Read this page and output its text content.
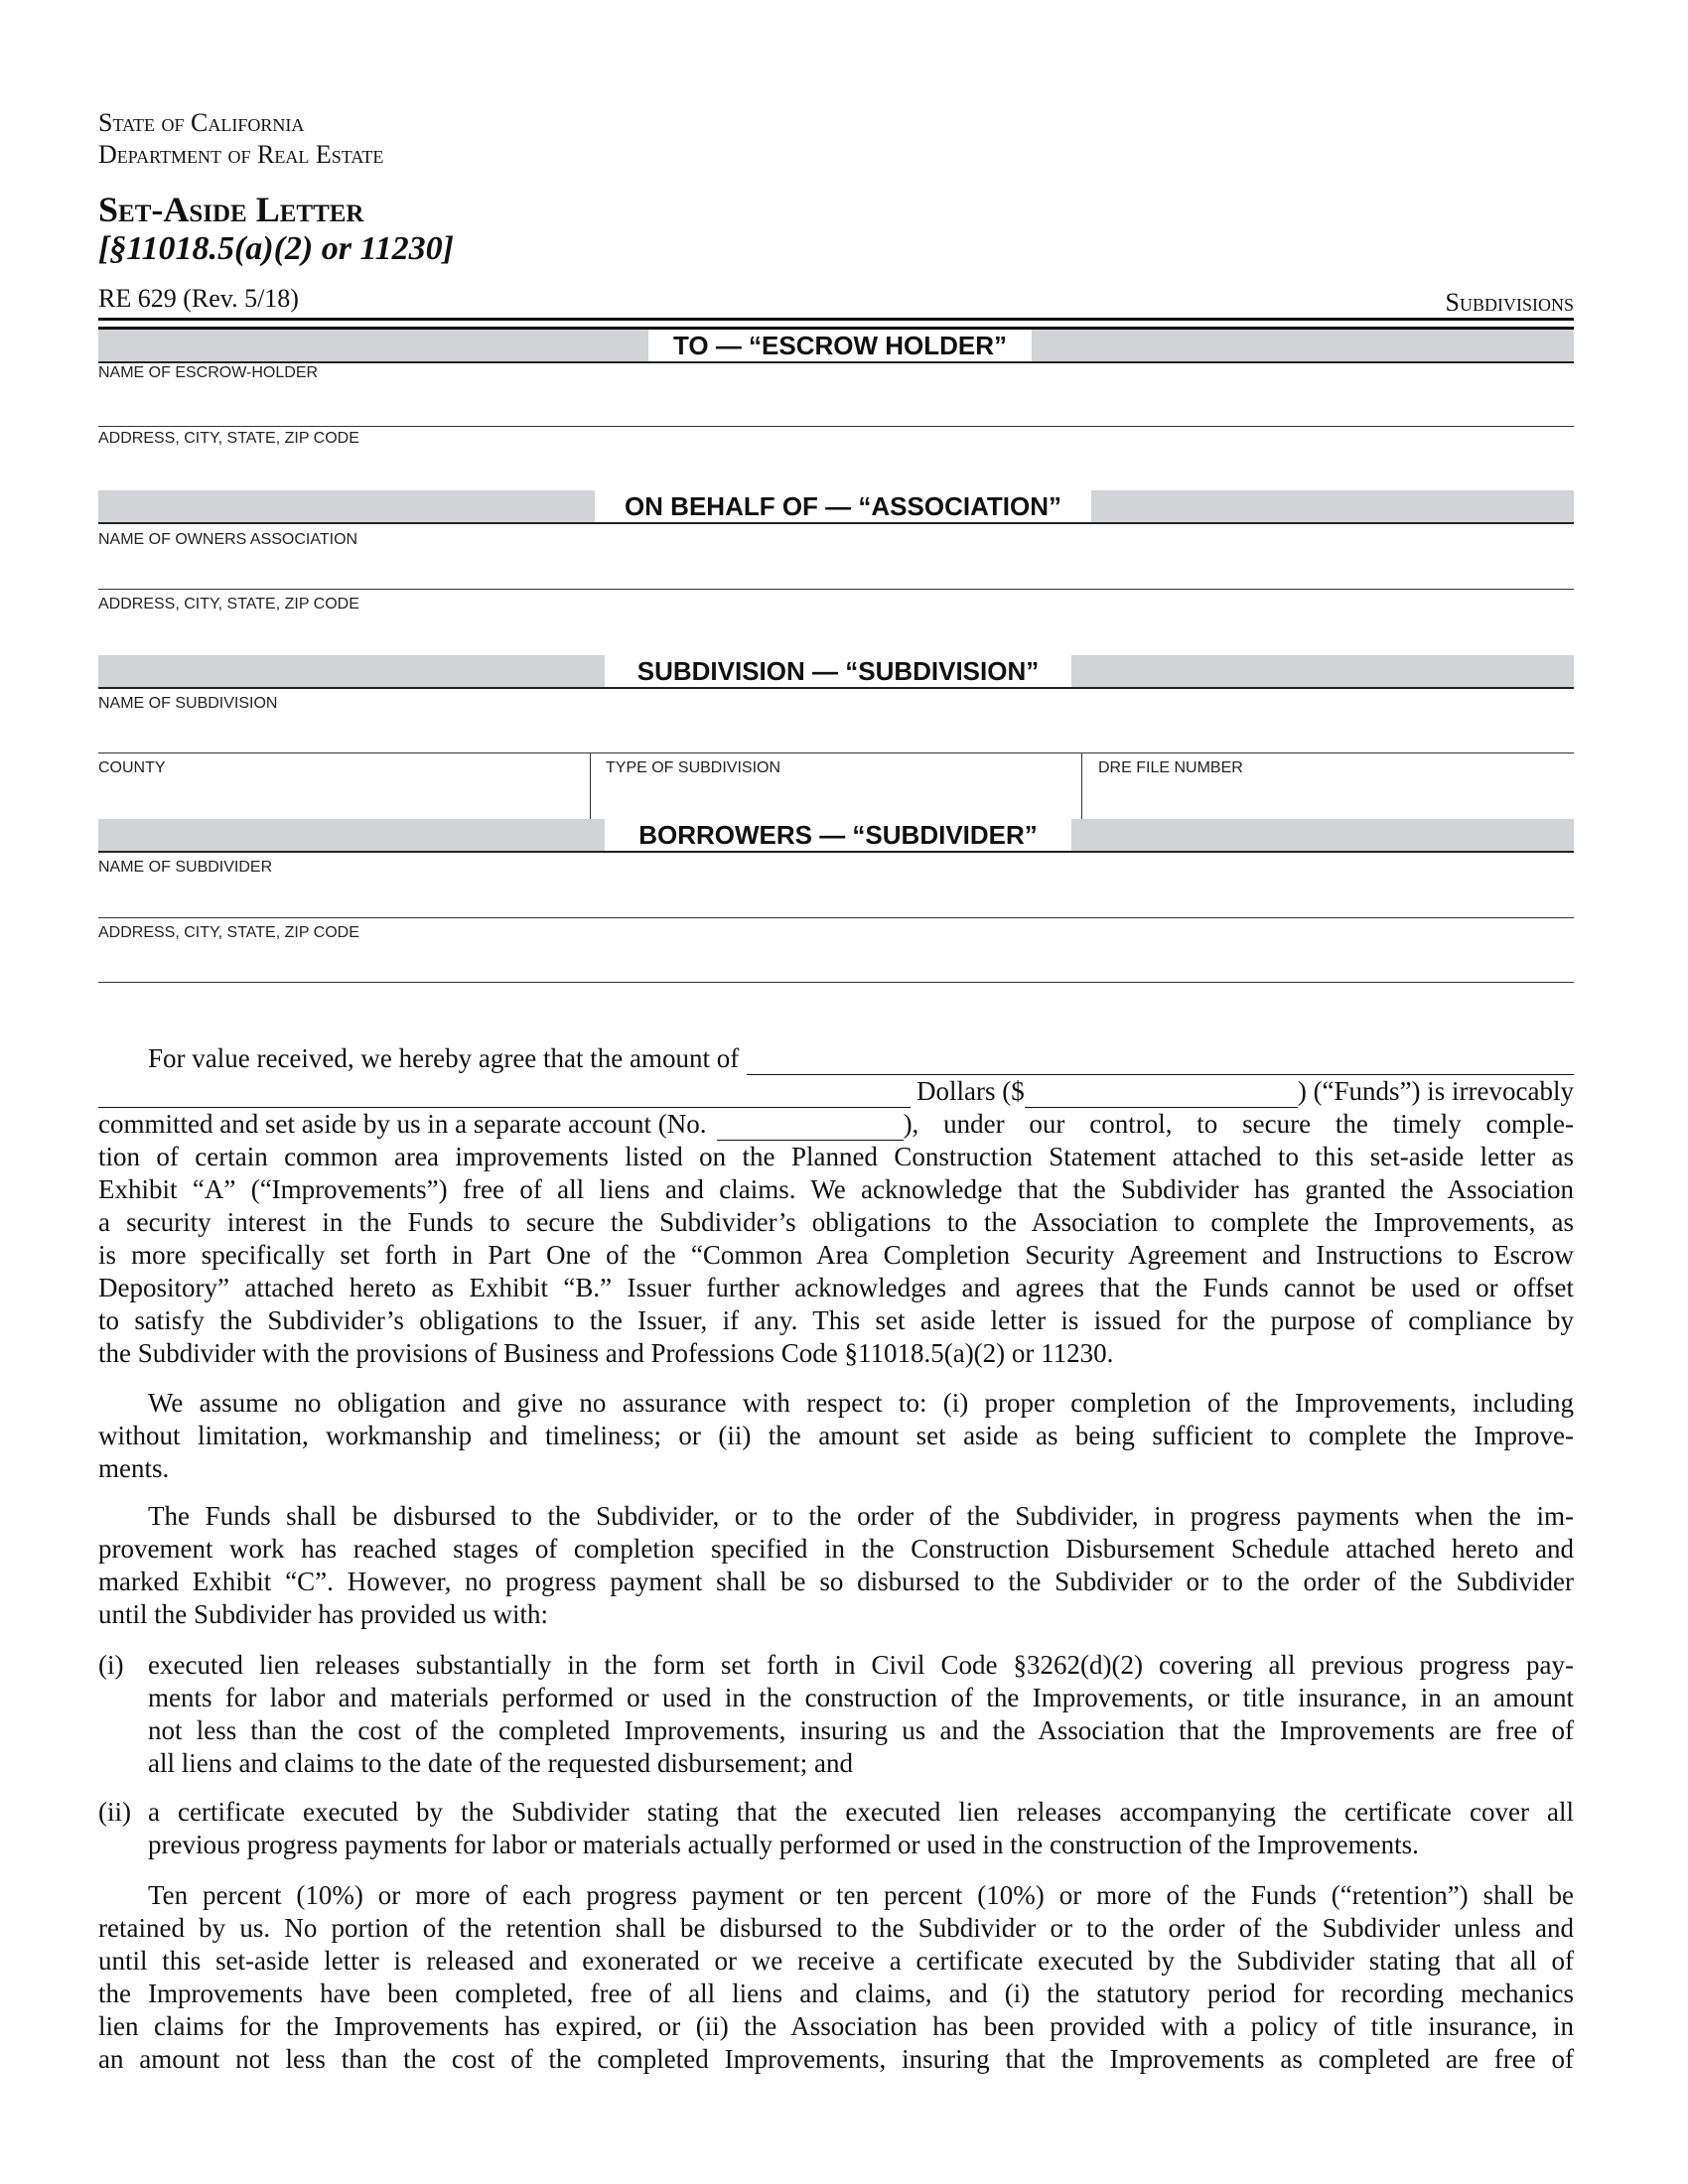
State of California
Department of Real Estate
Set-Aside Letter
[§11018.5(a)(2) or 11230]
RE 629 (Rev. 5/18)	Subdivisions
TO — “ESCROW HOLDER”
NAME OF ESCROW-HOLDER
ADDRESS, CITY, STATE, ZIP CODE
ON BEHALF OF — “ASSOCIATION”
NAME OF OWNERS ASSOCIATION
ADDRESS, CITY, STATE, ZIP CODE
SUBDIVISION — “SUBDIVISION”
NAME OF SUBDIVISION
COUNTY	TYPE OF SUBDIVISION	DRE FILE NUMBER
BORROWERS — “SUBDIVIDER”
NAME OF SUBDIVIDER
ADDRESS, CITY, STATE, ZIP CODE
For value received, we hereby agree that the amount of
Dollars ($	) (“Funds”) is irrevocably
committed and set aside by us in a separate account (No.	), under our control, to secure the timely comple-
tion of certain common area improvements listed on the Planned Construction Statement attached to this set-aside letter as
Exhibit “A” (“Improvements”) free of all liens and claims. We acknowledge that the Subdivider has granted the Association
a security interest in the Funds to secure the Subdivider’s obligations to the Association to complete the Improvements, as
is more specifically set forth in Part One of the “Common Area Completion Security Agreement and Instructions to Escrow
Depository” attached hereto as Exhibit “B.” Issuer further acknowledges and agrees that the Funds cannot be used or offset
to satisfy the Subdivider’s obligations to the Issuer, if any. This set aside letter is issued for the purpose of compliance by
the Subdivider with the provisions of Business and Professions Code §11018.5(a)(2) or 11230.
We assume no obligation and give no assurance with respect to: (i) proper completion of the Improvements, including
without limitation, workmanship and timeliness; or (ii) the amount set aside as being sufficient to complete the Improve-
ments.
The Funds shall be disbursed to the Subdivider, or to the order of the Subdivider, in progress payments when the im-
provement work has reached stages of completion specified in the Construction Disbursement Schedule attached hereto and
marked Exhibit “C”. However, no progress payment shall be so disbursed to the Subdivider or to the order of the Subdivider
until the Subdivider has provided us with:
(i) executed lien releases substantially in the form set forth in Civil Code §3262(d)(2) covering all previous progress pay-
ments for labor and materials performed or used in the construction of the Improvements, or title insurance, in an amount
not less than the cost of the completed Improvements, insuring us and the Association that the Improvements are free of
all liens and claims to the date of the requested disbursement; and
(ii) a certificate executed by the Subdivider stating that the executed lien releases accompanying the certificate cover all
previous progress payments for labor or materials actually performed or used in the construction of the Improvements.
Ten percent (10%) or more of each progress payment or ten percent (10%) or more of the Funds (“retention”) shall be
retained by us. No portion of the retention shall be disbursed to the Subdivider or to the order of the Subdivider unless and
until this set-aside letter is released and exonerated or we receive a certificate executed by the Subdivider stating that all of
the Improvements have been completed, free of all liens and claims, and (i) the statutory period for recording mechanics
lien claims for the Improvements has expired, or (ii) the Association has been provided with a policy of title insurance, in
an amount not less than the cost of the completed Improvements, insuring that the Improvements as completed are free of
